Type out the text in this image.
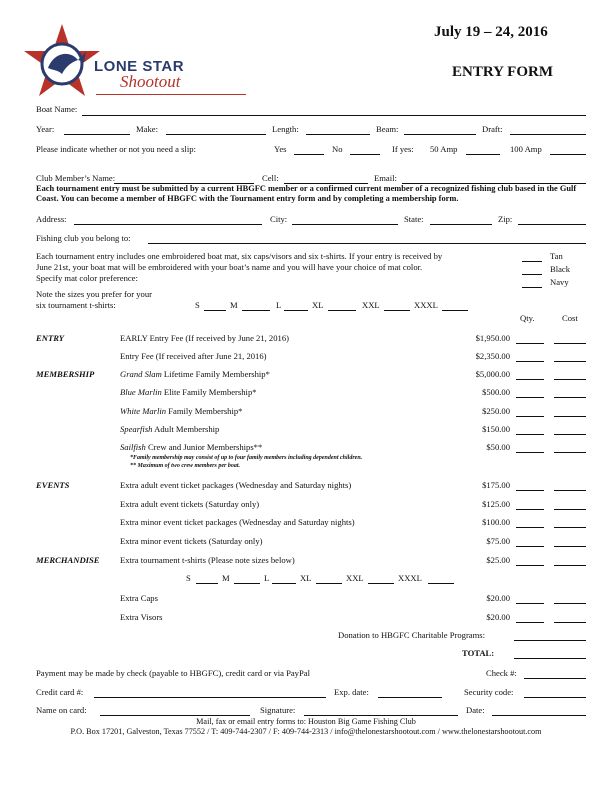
LONE STAR
Shootout
July 19 – 24, 2016
ENTRY FORM
Boat Name:
Year:	Make:	Length:	Beam:	Draft:
Please indicate whether or not you need a slip:	Yes	No	If yes: 50 Amp	100 Amp
Club Member’s Name:	Cell:	Email:
Each tournament entry must be submitted by a current HBGFC member or a confirmed current member of a recognized fishing club based in the Gulf Coast. You can become a member of HBGFC with the Tournament entry form and by completing a membership form.
Address:	City:	State:	Zip:
Fishing club you belong to:
Each tournament entry includes one embroidered boat mat, six caps/visors and six t-shirts. If your entry is received by
June 21st, your boat mat will be embroidered with your boat’s name and you will have your choice of mat color.
Specify mat color preference:
Tan
Black
Navy
Note the sizes you prefer for your
six tournament t-shirts:	S	M	L	XL	XXL	XXXL
Qty.	Cost
ENTRY	EARLY Entry Fee (If received by June 21, 2016)	$1,950.00
Entry Fee (If received after June 21, 2016)	$2,350.00
MEMBERSHIP	Grand Slam Lifetime Family Membership*	$5,000.00
Blue Marlin Elite Family Membership*	$500.00
White Marlin Family Membership*	$250.00
Spearfish Adult Membership	$150.00
Sailfish Crew and Junior Memberships**	$50.00
*Family membership may consist of up to four family members including dependent children.
** Maximum of two crew members per boat.
EVENTS	Extra adult event ticket packages (Wednesday and Saturday nights)	$175.00
Extra adult event tickets (Saturday only)	$125.00
Extra minor event ticket packages (Wednesday and Saturday nights)	$100.00
Extra minor event tickets (Saturday only)	$75.00
MERCHANDISE Extra tournament t-shirts (Please note sizes below)	$25.00
S	M	L	XL	XXL	XXXL
Extra Caps	$20.00
Extra Visors	$20.00
Donation to HBGFC Charitable Programs:
TOTAL:
Payment may be made by check (payable to HBGFC), credit card or via PayPal	Check #:
Credit card #:	Exp. date:	Security code:
Name on card:	Signature:	Date:
Mail, fax or email entry forms to: Houston Big Game Fishing Club
P.O. Box 17201, Galveston, Texas 77552 / T: 409-744-2307 / F: 409-744-2313 / info@thelonestarshootout.com / www.thelonestarshootout.com
